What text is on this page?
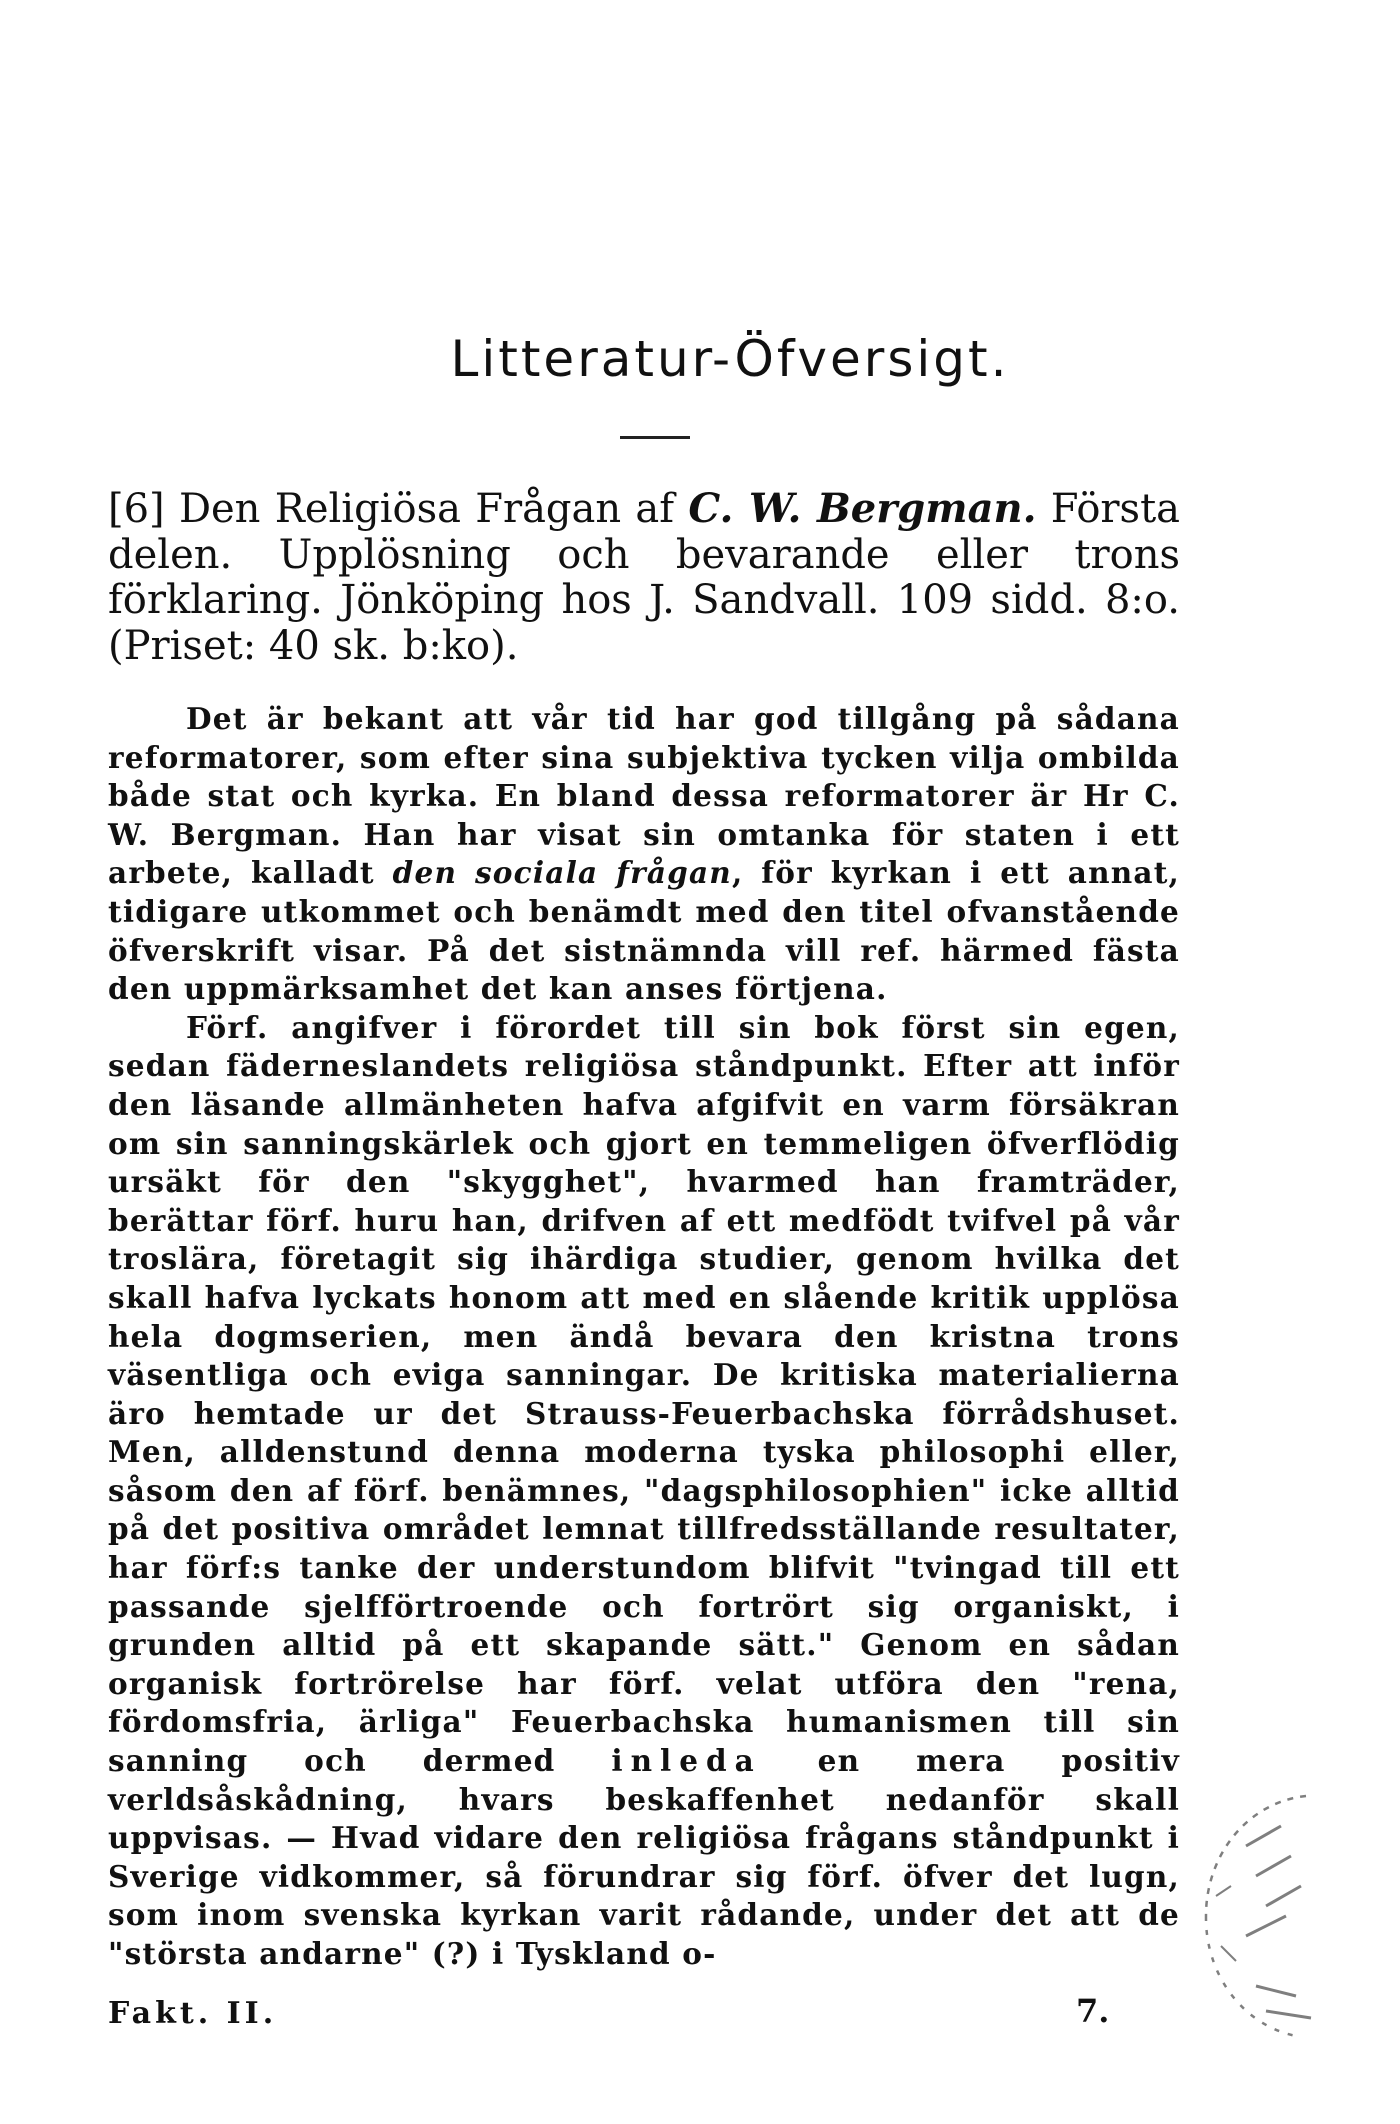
Litteratur-Öfversigt.

[6] Den Religiösa Frågan af C. W. Bergman. Första delen. Upplösning och bevarande eller trons förklaring. Jönköping hos J. Sandvall. 109 sidd. 8:o. (Priset: 40 sk. b:ko).

Det är bekant att vår tid har god tillgång på sådana reformatorer, som efter sina subjektiva tycken vilja ombilda både stat och kyrka. En bland dessa reformatorer är Hr C. W. Bergman. Han har visat sin omtanka för staten i ett arbete, kalladt den sociala frågan, för kyrkan i ett annat, tidigare utkommet och benämdt med den titel ofvanstående öfverskrift visar. På det sistnämnda vill ref. härmed fästa den uppmärksamhet det kan anses förtjena.

Förf. angifver i förordet till sin bok först sin egen, sedan fäderneslandets religiösa ståndpunkt. Efter att inför den läsande allmänheten hafva afgifvit en varm försäkran om sin sanningskärlek och gjort en temmeligen öfverflödig ursäkt för den "skygghet", hvarmed han framträder, berättar förf. huru han, drifven af ett medfödt tvifvel på vår troslära, företagit sig ihärdiga studier, genom hvilka det skall hafva lyckats honom att med en slående kritik upplösa hela dogmserien, men ändå bevara den kristna trons väsentliga och eviga sanningar. De kritiska materialierna äro hemtade ur det Strauss-Feuerbachska förrådshuset. Men, alldenstund denna moderna tyska philosophi eller, såsom den af förf. benämnes, "dagsphilosophien" icke alltid på det positiva området lemnat tillfredsställande resultater, har förf:s tanke der understundom blifvit "tvingad till ett passande sjelfförtroende och fortrört sig organiskt, i grunden alltid på ett skapande sätt." Genom en sådan organisk fortrörelse har förf. velat utföra den "rena, fördomsfria, ärliga" Feuerbachska humanismen till sin sanning och dermed inleda en mera positiv verldsåskådning, hvars beskaffenhet nedanför skall uppvisas. — Hvad vidare den religiösa frågans ståndpunkt i Sverige vidkommer, så förundrar sig förf. öfver det lugn, som inom svenska kyrkan varit rådande, under det att de "största andarne" (?) i Tyskland o-

Fakt. II.	7.
